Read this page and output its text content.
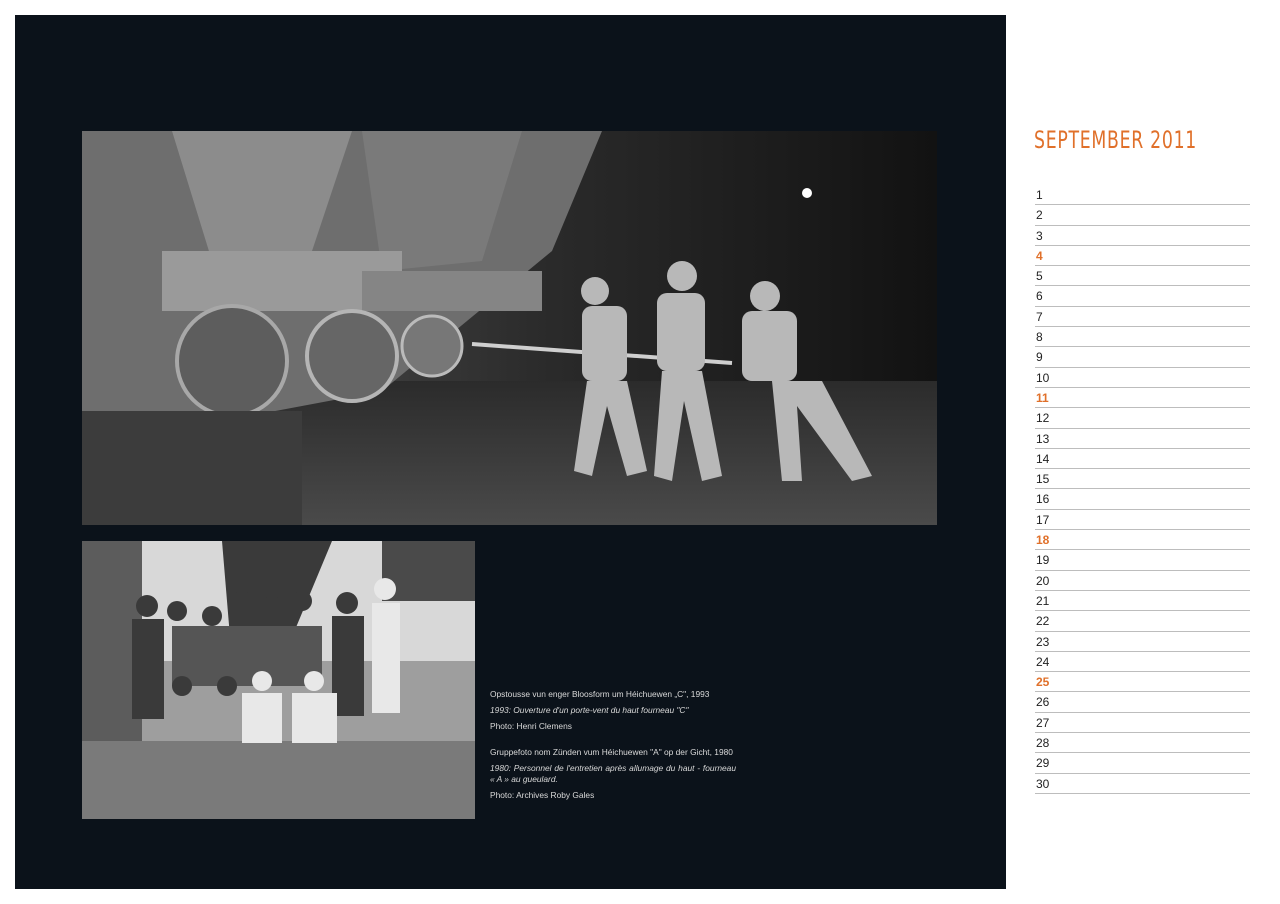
Opstousse vun enger Bloosform um Héichuewen „C", 1993

1993: Ouverture d'un porte-vent du haut fourneau "C"

Photo: Henri Clemens

Gruppefoto nom Zünden vum Héichuewen "A" op der Gicht, 1980

1980: Personnel de l'entretien après allumage du haut - fourneau « A » au gueulard.

Photo: Archives Roby Gales

SEPTEMBER 2011
1
2
3
4
5
6
7
8
9
10
11
12
13
14
15
16
17
18
19
20
21
22
23
24
25
26
27
28
29
30
